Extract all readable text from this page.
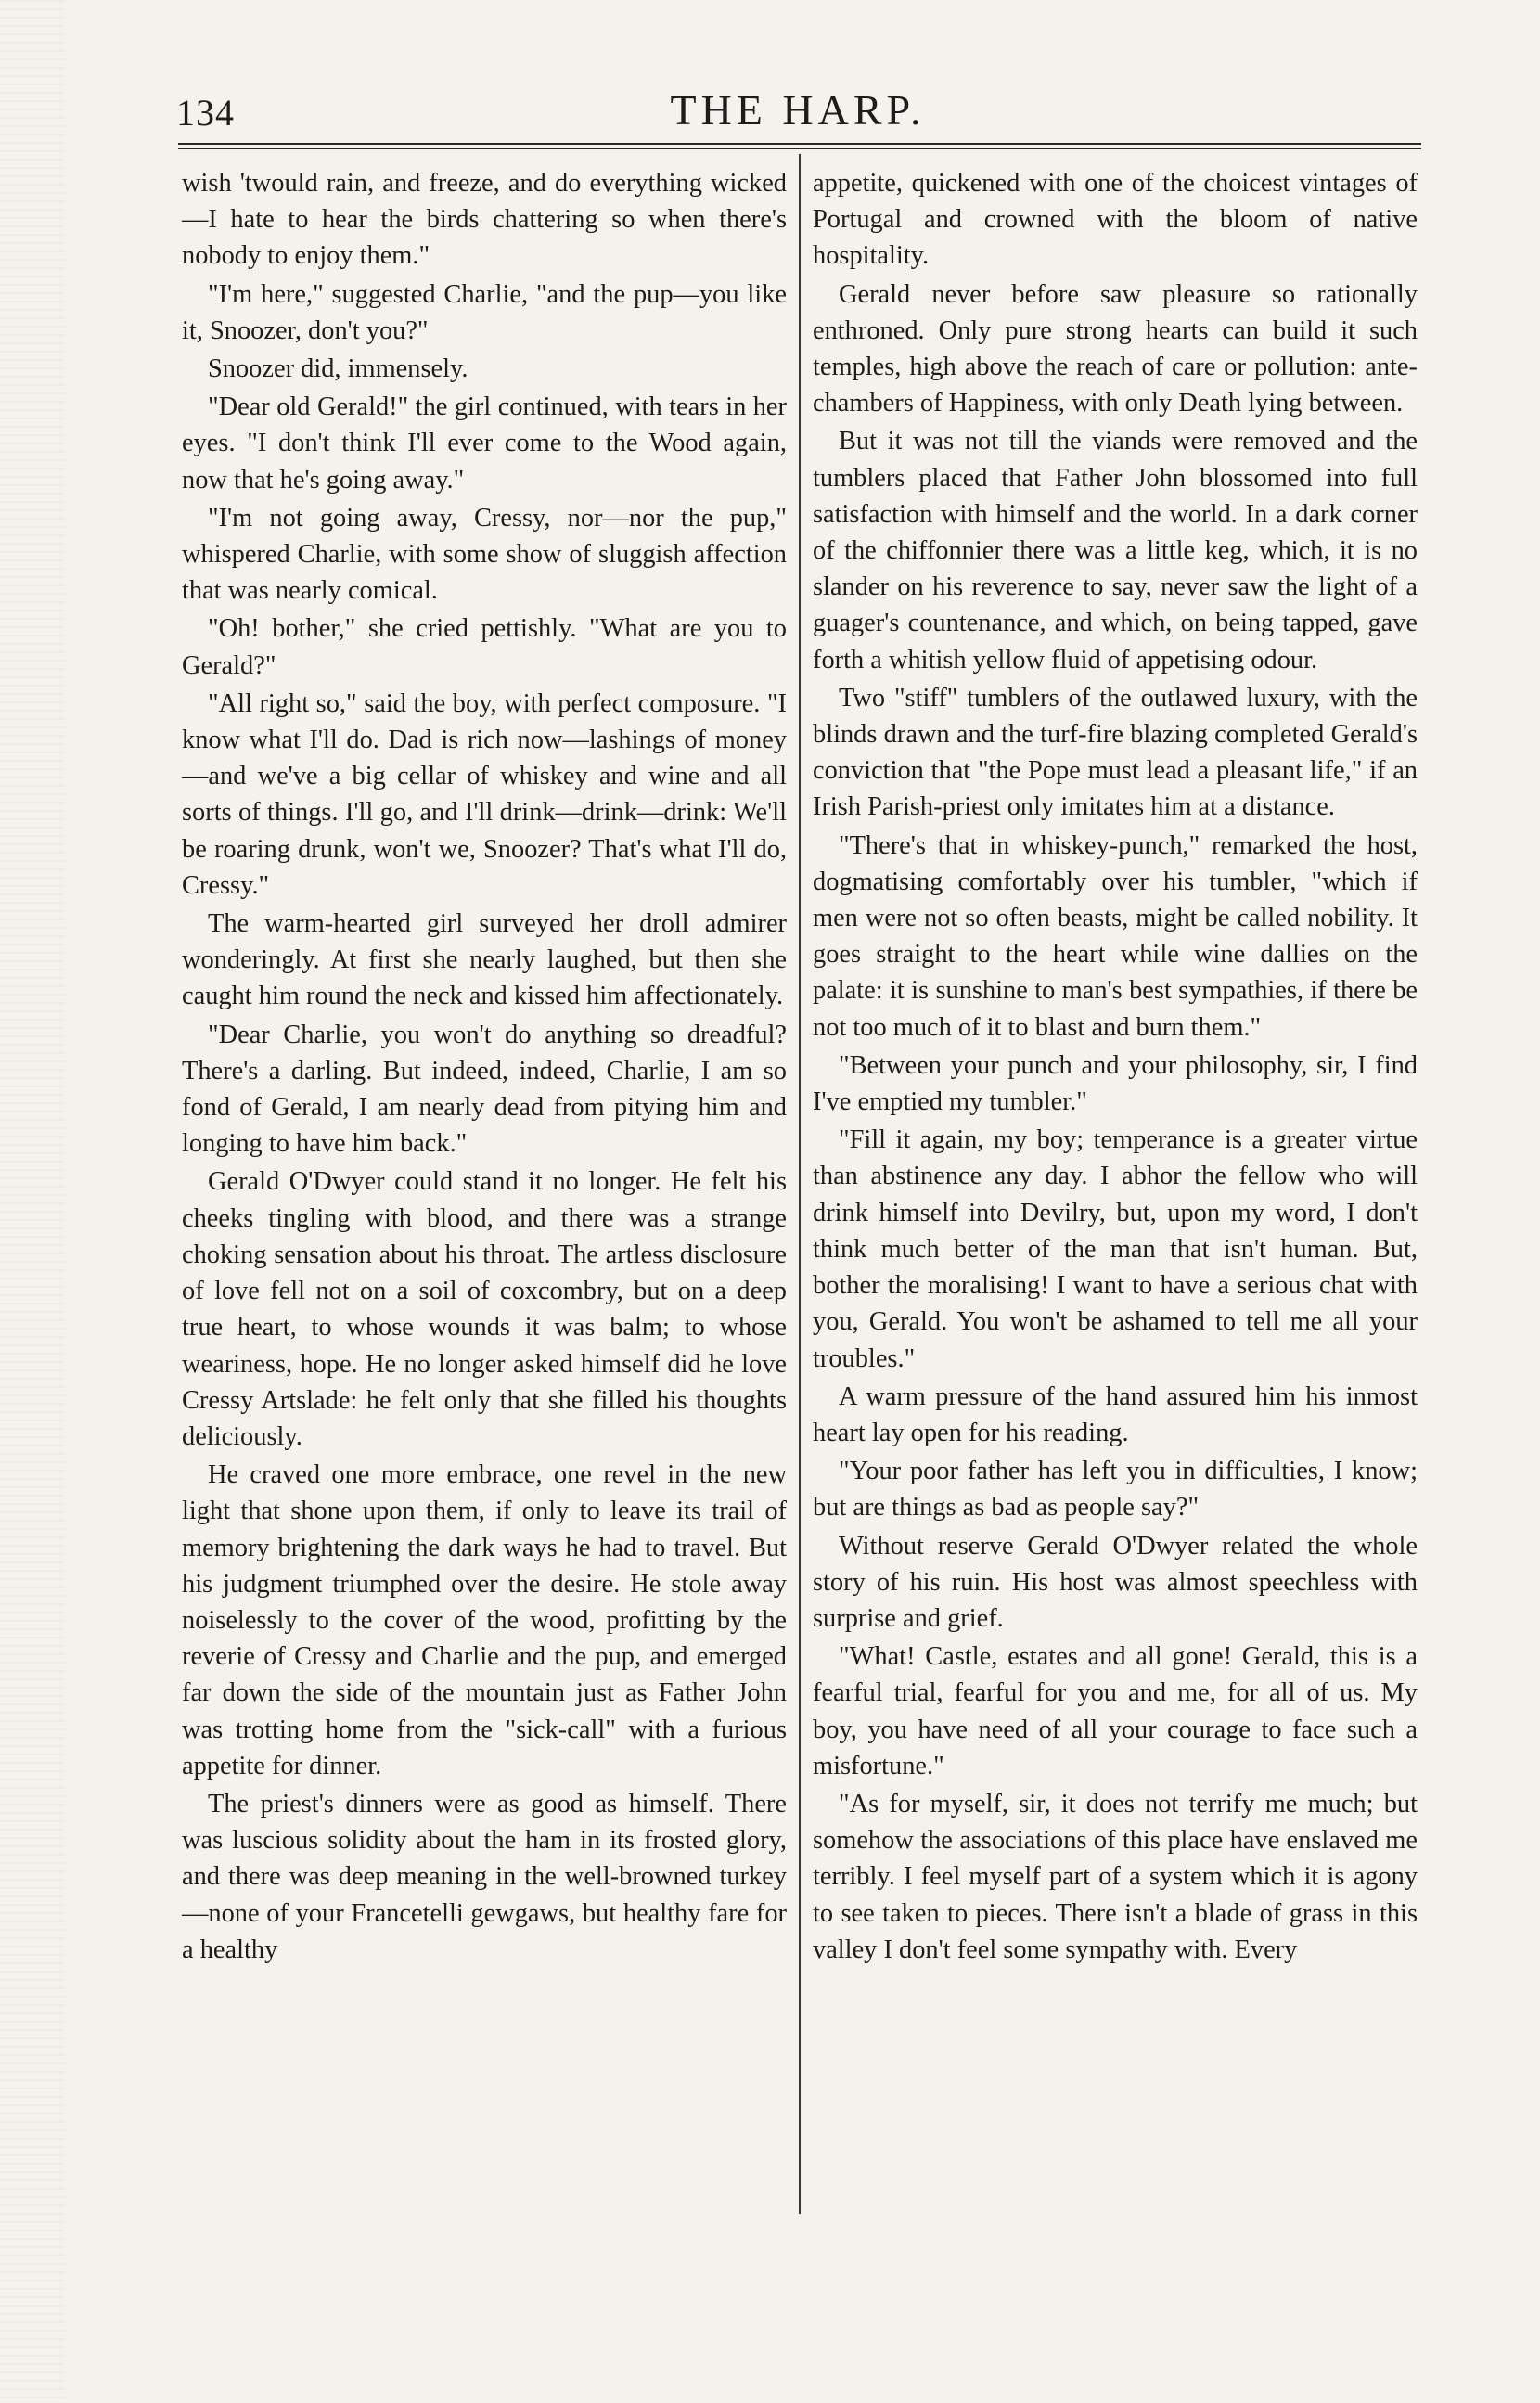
134	THE HARP.

wish 'twould rain, and freeze, and do everything wicked—I hate to hear the birds chattering so when there's nobody to enjoy them."

"I'm here," suggested Charlie, "and the pup—you like it, Snoozer, don't you?"

Snoozer did, immensely.

"Dear old Gerald!" the girl continued, with tears in her eyes. "I don't think I'll ever come to the Wood again, now that he's going away."

"I'm not going away, Cressy, nor—nor the pup," whispered Charlie, with some show of sluggish affection that was nearly comical.

"Oh! bother," she cried pettishly. "What are you to Gerald?"

"All right so," said the boy, with perfect composure. "I know what I'll do. Dad is rich now—lashings of money—and we've a big cellar of whiskey and wine and all sorts of things. I'll go, and I'll drink—drink—drink: We'll be roaring drunk, won't we, Snoozer? That's what I'll do, Cressy."

The warm-hearted girl surveyed her droll admirer wonderingly. At first she nearly laughed, but then she caught him round the neck and kissed him affectionately.

"Dear Charlie, you won't do anything so dreadful? There's a darling. But indeed, indeed, Charlie, I am so fond of Gerald, I am nearly dead from pitying him and longing to have him back."

Gerald O'Dwyer could stand it no longer. He felt his cheeks tingling with blood, and there was a strange choking sensation about his throat. The artless disclosure of love fell not on a soil of coxcombry, but on a deep true heart, to whose wounds it was balm; to whose weariness, hope. He no longer asked himself did he love Cressy Artslade: he felt only that she filled his thoughts deliciously.

He craved one more embrace, one revel in the new light that shone upon them, if only to leave its trail of memory brightening the dark ways he had to travel. But his judgment triumphed over the desire. He stole away noiselessly to the cover of the wood, profitting by the reverie of Cressy and Charlie and the pup, and emerged far down the side of the mountain just as Father John was trotting home from the "sick-call" with a furious appetite for dinner.

The priest's dinners were as good as himself. There was luscious solidity about the ham in its frosted glory, and there was deep meaning in the well-browned turkey—none of your Francetelli gewgaws, but healthy fare for a healthy

appetite, quickened with one of the choicest vintages of Portugal and crowned with the bloom of native hospitality.

Gerald never before saw pleasure so rationally enthroned. Only pure strong hearts can build it such temples, high above the reach of care or pollution: ante-chambers of Happiness, with only Death lying between.

But it was not till the viands were removed and the tumblers placed that Father John blossomed into full satisfaction with himself and the world. In a dark corner of the chiffonnier there was a little keg, which, it is no slander on his reverence to say, never saw the light of a guager's countenance, and which, on being tapped, gave forth a whitish yellow fluid of appetising odour.

Two "stiff" tumblers of the outlawed luxury, with the blinds drawn and the turf-fire blazing completed Gerald's conviction that "the Pope must lead a pleasant life," if an Irish Parish-priest only imitates him at a distance.

"There's that in whiskey-punch," remarked the host, dogmatising comfortably over his tumbler, "which if men were not so often beasts, might be called nobility. It goes straight to the heart while wine dallies on the palate: it is sunshine to man's best sympathies, if there be not too much of it to blast and burn them."

"Between your punch and your philosophy, sir, I find I've emptied my tumbler."

"Fill it again, my boy; temperance is a greater virtue than abstinence any day. I abhor the fellow who will drink himself into Devilry, but, upon my word, I don't think much better of the man that isn't human. But, bother the moralising! I want to have a serious chat with you, Gerald. You won't be ashamed to tell me all your troubles."

A warm pressure of the hand assured him his inmost heart lay open for his reading.

"Your poor father has left you in difficulties, I know; but are things as bad as people say?"

Without reserve Gerald O'Dwyer related the whole story of his ruin. His host was almost speechless with surprise and grief.

"What! Castle, estates and all gone! Gerald, this is a fearful trial, fearful for you and me, for all of us. My boy, you have need of all your courage to face such a misfortune."

"As for myself, sir, it does not terrify me much; but somehow the associations of this place have enslaved me terribly. I feel myself part of a system which it is agony to see taken to pieces. There isn't a blade of grass in this valley I don't feel some sympathy with. Every
